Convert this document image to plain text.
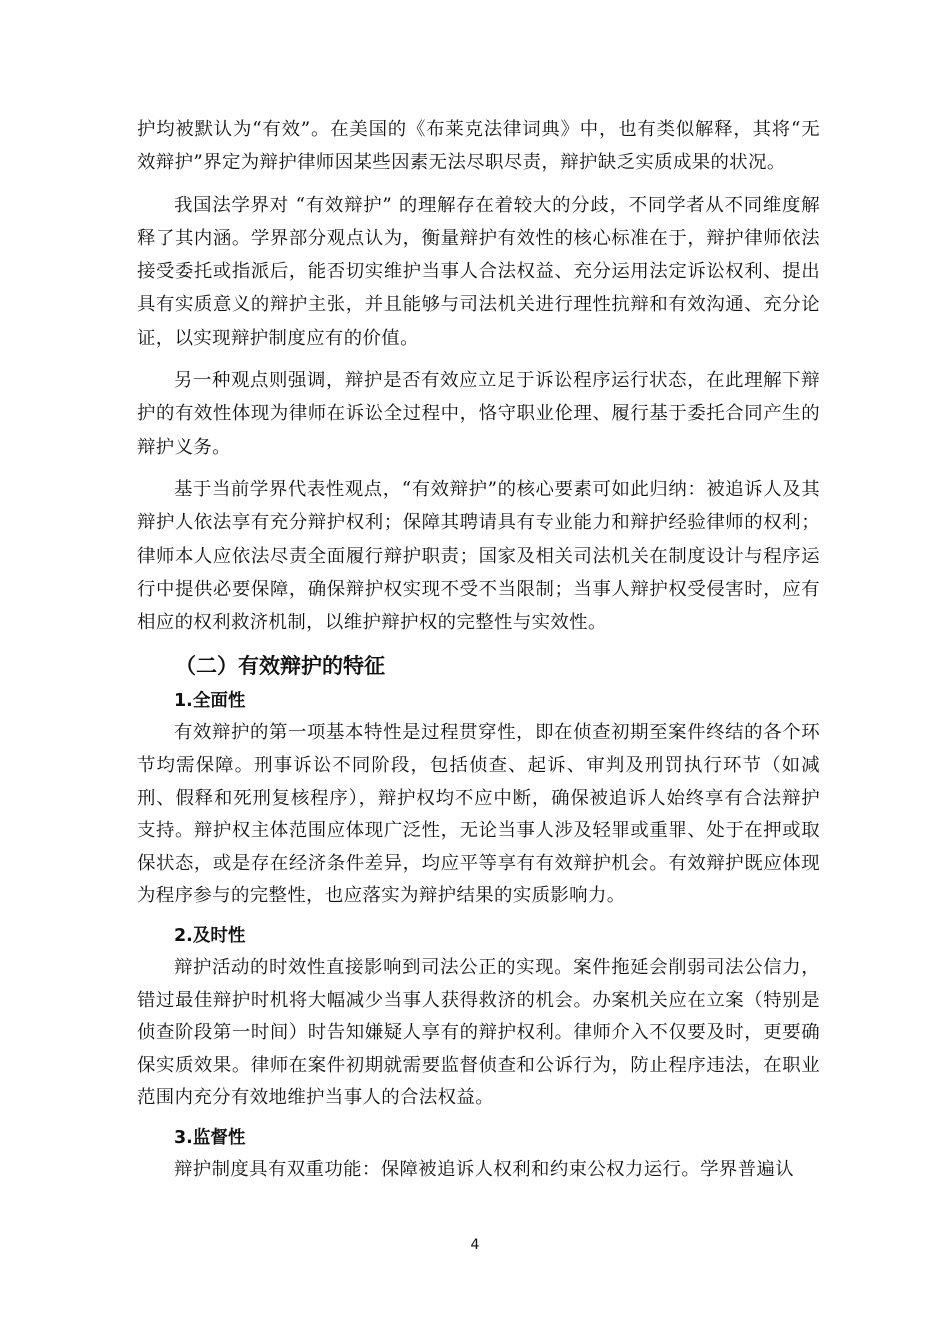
护均被默认为“有效”。在美国的《布莱克法律词典》中，也有类似解释，其将“无效辩护”界定为辩护律师因某些因素无法尽职尽责，辩护缺乏实质成果的状况。

我国法学界对 “有效辩护” 的理解存在着较大的分歧，不同学者从不同维度解释了其内涵。学界部分观点认为，衡量辩护有效性的核心标准在于，辩护律师依法接受委托或指派后，能否切实维护当事人合法权益、充分运用法定诉讼权利、提出具有实质意义的辩护主张，并且能够与司法机关进行理性抗辩和有效沟通、充分论证，以实现辩护制度应有的价值。

另一种观点则强调，辩护是否有效应立足于诉讼程序运行状态，在此理解下辩护的有效性体现为律师在诉讼全过程中，恪守职业伦理、履行基于委托合同产生的辩护义务。

基于当前学界代表性观点，“有效辩护”的核心要素可如此归纳：被追诉人及其辩护人依法享有充分辩护权利；保障其聘请具有专业能力和辩护经验律师的权利；律师本人应依法尽责全面履行辩护职责；国家及相关司法机关在制度设计与程序运行中提供必要保障，确保辩护权实现不受不当限制；当事人辩护权受侵害时，应有相应的权利救济机制，以维护辩护权的完整性与实效性。

（二）有效辩护的特征
1.全面性

有效辩护的第一项基本特性是过程贯穿性，即在侦查初期至案件终结的各个环节均需保障。刑事诉讼不同阶段，包括侦查、起诉、审判及刑罚执行环节（如减刑、假释和死刑复核程序），辩护权均不应中断，确保被追诉人始终享有合法辩护支持。辩护权主体范围应体现广泛性，无论当事人涉及轻罪或重罪、处于在押或取保状态，或是存在经济条件差异，均应平等享有有效辩护机会。有效辩护既应体现为程序参与的完整性，也应落实为辩护结果的实质影响力。

2.及时性

辩护活动的时效性直接影响到司法公正的实现。案件拖延会削弱司法公信力，错过最佳辩护时机将大幅减少当事人获得救济的机会。办案机关应在立案（特别是侦查阶段第一时间）时告知嫌疑人享有的辩护权利。律师介入不仅要及时，更要确保实质效果。律师在案件初期就需要监督侦查和公诉行为，防止程序违法，在职业范围内充分有效地维护当事人的合法权益。

3.监督性

辩护制度具有双重功能：保障被追诉人权利和约束公权力运行。学界普遍认

4
